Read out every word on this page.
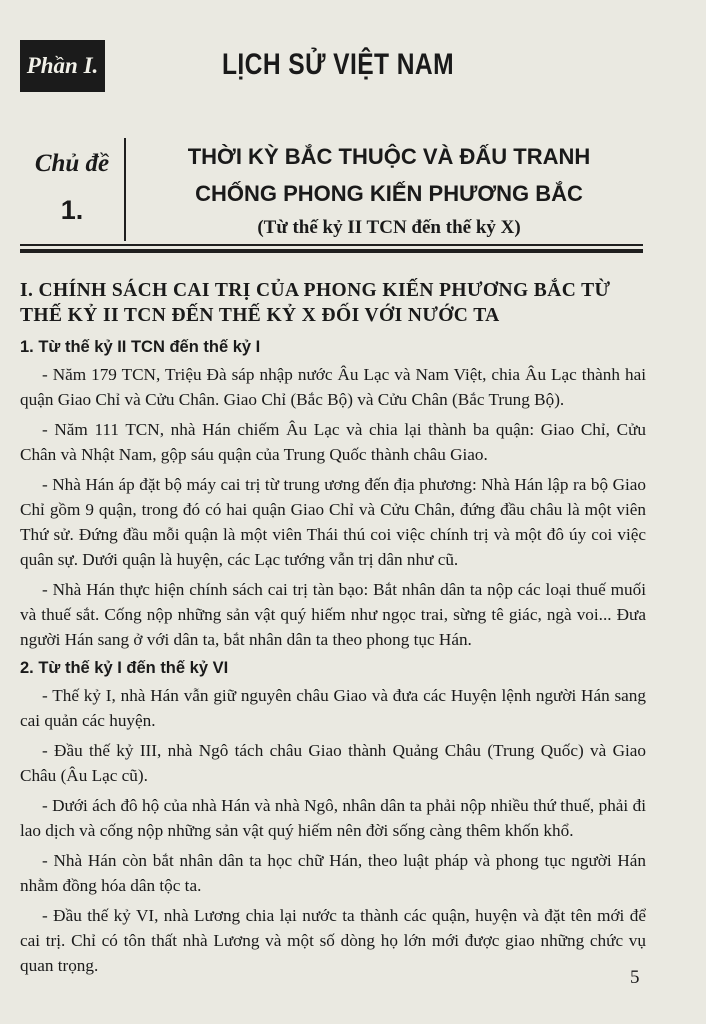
Phần I.	LỊCH SỬ VIỆT NAM
Chủ đề
1.
THỜI KỲ BẮC THUỘC VÀ ĐẤU TRANH
CHỐNG PHONG KIẾN PHƯƠNG BẮC
(Từ thế kỷ II TCN đến thế kỷ X)
I. CHÍNH SÁCH CAI TRỊ CỦA PHONG KIẾN PHƯƠNG BẮC TỪ THẾ KỶ II TCN ĐẾN THẾ KỶ X ĐỐI VỚI NƯỚC TA
1. Từ thế kỷ II TCN đến thế kỷ I

- Năm 179 TCN, Triệu Đà sáp nhập nước Âu Lạc và Nam Việt, chia Âu Lạc thành hai quận Giao Chỉ và Cửu Chân. Giao Chỉ (Bắc Bộ) và Cửu Chân (Bắc Trung Bộ).

- Năm 111 TCN, nhà Hán chiếm Âu Lạc và chia lại thành ba quận: Giao Chỉ, Cửu Chân và Nhật Nam, gộp sáu quận của Trung Quốc thành châu Giao.

- Nhà Hán áp đặt bộ máy cai trị từ trung ương đến địa phương: Nhà Hán lập ra bộ Giao Chỉ gồm 9 quận, trong đó có hai quận Giao Chỉ và Cửu Chân, đứng đầu châu là một viên Thứ sử. Đứng đầu mỗi quận là một viên Thái thú coi việc chính trị và một đô úy coi việc quân sự. Dưới quận là huyện, các Lạc tướng vẫn trị dân như cũ.

- Nhà Hán thực hiện chính sách cai trị tàn bạo: Bắt nhân dân ta nộp các loại thuế muối và thuế sắt. Cống nộp những sản vật quý hiếm như ngọc trai, sừng tê giác, ngà voi... Đưa người Hán sang ở với dân ta, bắt nhân dân ta theo phong tục Hán.

2. Từ thế kỷ I đến thế kỷ VI

- Thế kỷ I, nhà Hán vẫn giữ nguyên châu Giao và đưa các Huyện lệnh người Hán sang cai quản các huyện.

- Đầu thế kỷ III, nhà Ngô tách châu Giao thành Quảng Châu (Trung Quốc) và Giao Châu (Âu Lạc cũ).

- Dưới ách đô hộ của nhà Hán và nhà Ngô, nhân dân ta phải nộp nhiều thứ thuế, phải đi lao dịch và cống nộp những sản vật quý hiếm nên đời sống càng thêm khốn khổ.

- Nhà Hán còn bắt nhân dân ta học chữ Hán, theo luật pháp và phong tục người Hán nhằm đồng hóa dân tộc ta.

- Đầu thế kỷ VI, nhà Lương chia lại nước ta thành các quận, huyện và đặt tên mới để cai trị. Chỉ có tôn thất nhà Lương và một số dòng họ lớn mới được giao những chức vụ quan trọng.

5
